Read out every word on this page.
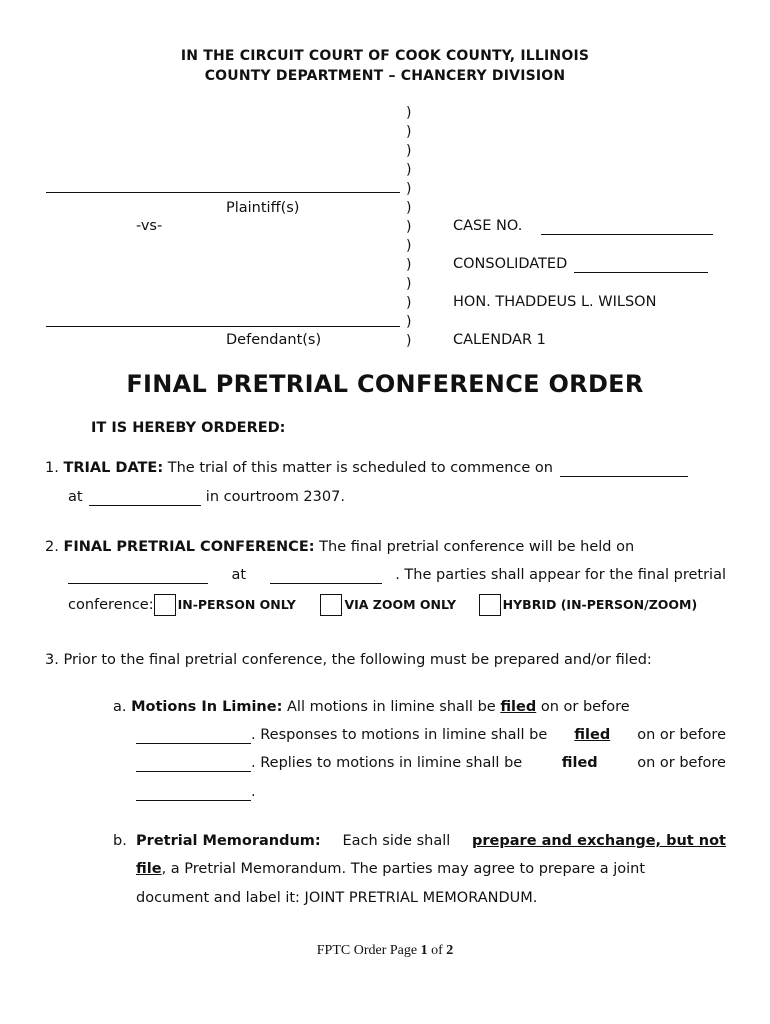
IN THE CIRCUIT COURT OF COOK COUNTY, ILLINOIS
COUNTY DEPARTMENT – CHANCERY DIVISION
)
)
)
)
)
)
)
)
)
)
)
)
)
Plaintiff(s)
-vs-
Defendant(s)
CASE NO.
CONSOLIDATED
HON. THADDEUS L. WILSON
CALENDAR 1
FINAL PRETRIAL CONFERENCE ORDER
IT IS HEREBY ORDERED:
1. TRIAL DATE: The trial of this matter is scheduled to commence on
at	in courtroom 2307.
2. FINAL PRETRIAL CONFERENCE: The final pretrial conference will be held on

at
	. The parties shall appear for the final pretrial
conference: IN-PERSON ONLY	VIA ZOOM ONLY	HYBRID (IN-PERSON/ZOOM)
3. Prior to the final pretrial conference, the following must be prepared and/or filed:
a. Motions In Limine: All motions in limine shall be filed on or before
. Responses to motions in limine shall be filed on or before
. Replies to motions in limine shall be	filed	on or before
.
b. Pretrial Memorandum: Each side shall prepare and exchange, but not
file , a Pretrial Memorandum. The parties may agree to prepare a joint
document and label it: JOINT PRETRIAL MEMORANDUM.
FPTC Order Page 1 of 2
